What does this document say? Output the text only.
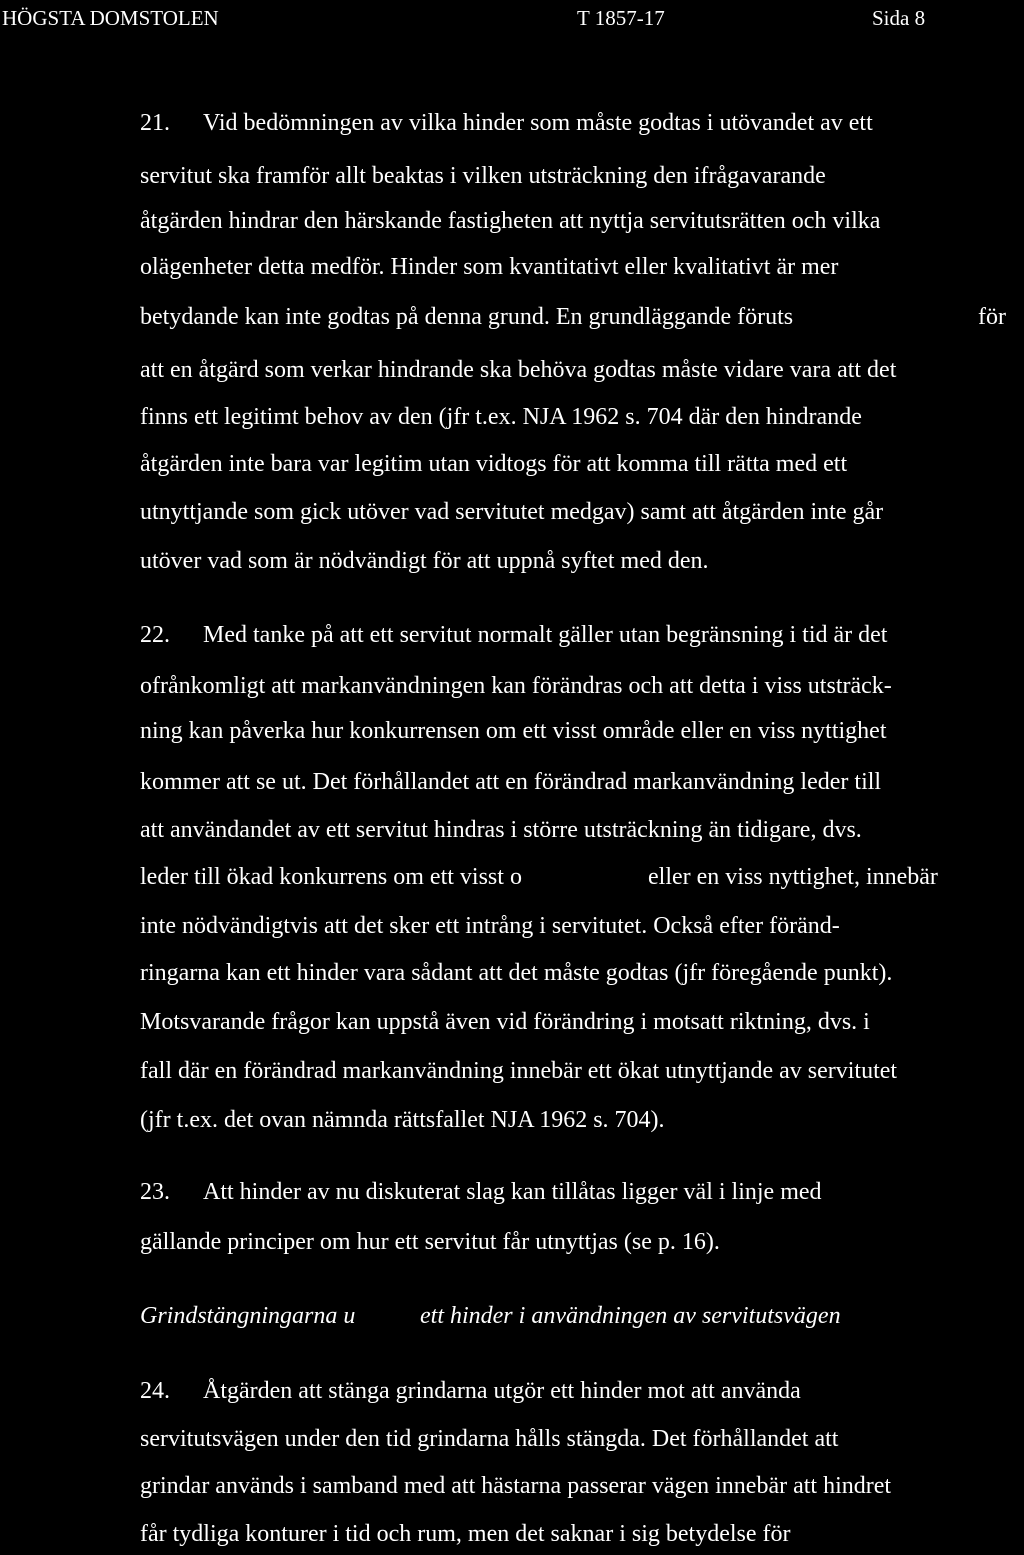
HÖGSTA DOMSTOLEN	T 1857-17	Sida 8
21.	Vid bedömningen av vilka hinder som måste godtas i utövandet av ett
servitut ska framför allt beaktas i vilken utsträckning den ifrågavarande
åtgärden hindrar den härskande fastigheten att nyttja servitutsrätten och vilka
olägenheter detta medför. Hinder som kvantitativt eller kvalitativt är mer
betydande kan inte godtas på denna grund. En grundläggande föruts	för
att en åtgärd som verkar hindrande ska behöva godtas måste vidare vara att det
finns ett legitimt behov av den (jfr t.ex. NJA 1962 s. 704 där den hindrande
åtgärden inte bara var legitim utan vidtogs för att komma till rätta med ett
utnyttjande som gick utöver vad servitutet medgav) samt att åtgärden inte går
utöver vad som är nödvändigt för att uppnå syftet med den.
22.	Med tanke på att ett servitut normalt gäller utan begränsning i tid är det
ofrånkomligt att markanvändningen kan förändras och att detta i viss utsträck-
ning kan påverka hur konkurrensen om ett visst område eller en viss nyttighet
kommer att se ut. Det förhållandet att en förändrad markanvändning leder till
att användandet av ett servitut hindras i större utsträckning än tidigare, dvs.
leder till ökad konkurrens om ett visst o	eller en viss nyttighet, innebär
inte nödvändigtvis att det sker ett intrång i servitutet. Också efter föränd-
ringarna kan ett hinder vara sådant att det måste godtas (jfr föregående punkt).
Motsvarande frågor kan uppstå även vid förändring i motsatt riktning, dvs. i
fall där en förändrad markanvändning innebär ett ökat utnyttjande av servitutet
(jfr t.ex. det ovan nämnda rättsfallet NJA 1962 s. 704).
23.	Att hinder av nu diskuterat slag kan tillåtas ligger väl i linje med
gällande principer om hur ett servitut får utnyttjas (se p. 16).
Grindstängningarna u	ett hinder i användningen av servitutsvägen
24.	Åtgärden att stänga grindarna utgör ett hinder mot att använda
servitutsvägen under den tid grindarna hålls stängda. Det förhållandet att
grindar används i samband med att hästarna passerar vägen innebär att hindret
får tydliga konturer i tid och rum, men det saknar i sig betydelse för
